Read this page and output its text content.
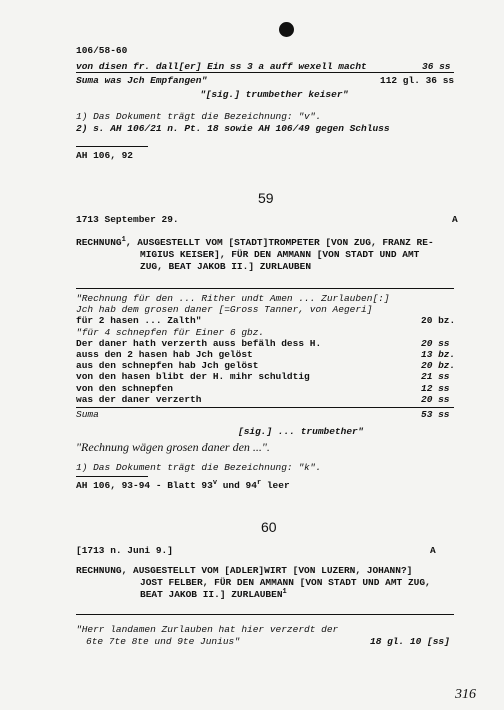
106/58-60
von disen fr. dall[er] Ein ss 3 a auff wexell macht	36 ss
Suma was Jch Empfangen"	112 gl. 36 ss
"[sig.] trumbether keiser"
1) Das Dokument trägt die Bezeichnung: "v".
2) s. AH 106/21 n. Pt. 18 sowie AH 106/49 gegen Schluss
AH 106, 92
59
1713 September 29.	A
RECHNUNG$^1$, AUSGESTELLT VOM [STADT]TROMPETER [VON ZUG, FRANZ RE-
MIGIUS KEISER], FÜR DEN AMMANN [VON STADT UND AMT
ZUG, BEAT JAKOB II.] ZURLAUBEN
"Rechnung für den ... Rither undt Amen ... Zurlauben[:]
Jch hab dem grosen daner [=Gross Tanner, von Aegeri]
für 2 hasen ... Zalth"	20 bz.
"für 4 schnepfen für Einer 6 gbz.
Der daner hath verzerth auss befälh dess H.	20 ss
auss den 2 hasen hab Jch gelöst	13 bz.
aus den schnepfen hab Jch gelöst	20 bz.
von den hasen blibt der H. mihr schuldtig	21 ss
von den schnepfen	12 ss
was der daner verzerth	20 ss
Suma	53 ss
[sig.] ... trumbether"
"Rechnung wägen grosen daner den ...".
1) Das Dokument trägt die Bezeichnung: "k".
AH 106, 93-94 - Blatt 93$^v$ und 94$^r$ leer
60
[1713 n. Juni 9.]	A
RECHNUNG, AUSGESTELLT VOM [ADLER]WIRT [VON LUZERN, JOHANN?]
JOST FELBER, FÜR DEN AMMANN [VON STADT UND AMT ZUG,
BEAT JAKOB II.] ZURLAUBEN$^1$
"Herr landamen Zurlauben hat hier verzerdt der
6te 7te 8te und 9te Junius"	18 gl. 10 [ss]
316
